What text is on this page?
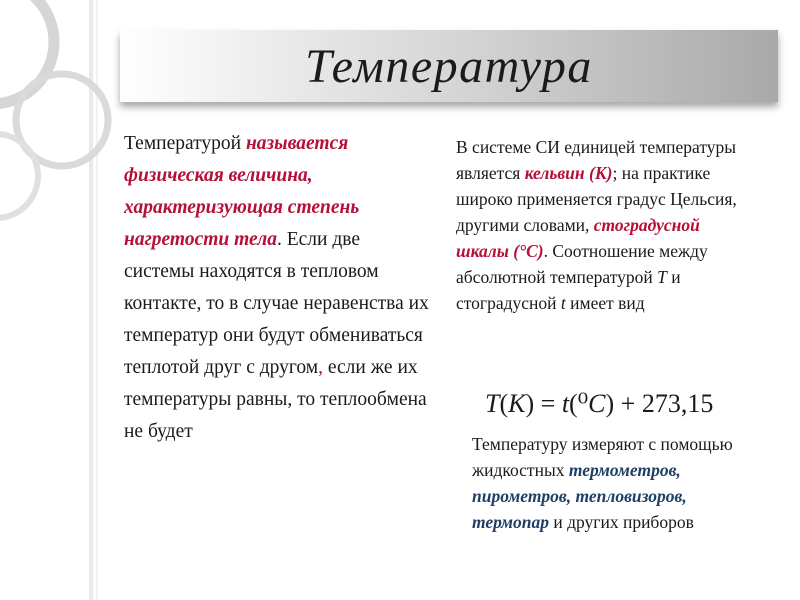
Температура
Температурой называется физическая величина, характеризующая степень нагретости тела. Если две системы находятся в тепловом контакте, то в случае неравенства их температур они будут обмениваться теплотой друг с другом, если же их температуры равны, то теплообмена не будет
В системе СИ единицей температуры является кельвин (К); на практике широко применяется градус Цельсия, другими словами, стоградусной шкалы (°С). Соотношение между абсолютной температурой T и стоградусной t имеет вид
T(K) = t(⁰C) + 273,15
Температуру измеряют с помощью жидкостных термометров, пирометров, тепловизоров, термопар и других приборов
